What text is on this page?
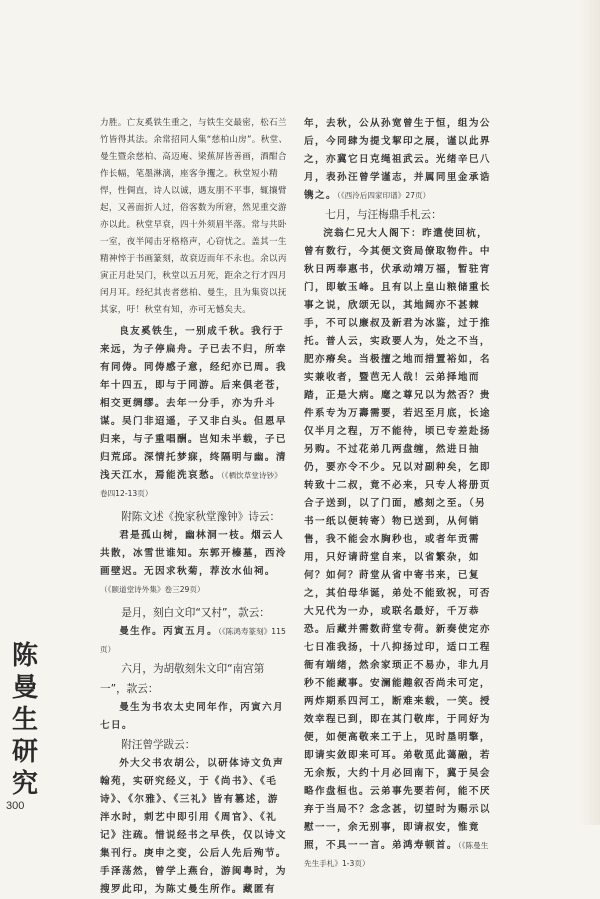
力胜。亡友奚铁生重之，与铁生交最密，松石兰竹皆得其法。余常招同人集“慈柏山房”。秋堂、曼生暨余慈柏、高迈庵、梁蕉屏皆善画，酒酣合作长幅，笔墨淋漓，座客争攫之。秋堂短小精悍，性倜直，诗人以诚，遇友朋不平事，辄攘臂起，又善面折人过，俗客数为所窘，然见重交游亦以此。秋堂早衰，四十外须眉半落。常与共卧一室，夜半闻击牙格格声，心窃忧之。盖其一生精神悴于书画篆刻，故衰迈而年不永也。余以丙寅正月赴吴门，秋堂以五月死，距余之行才四月闰月耳。经纪其丧者慈柏、曼生，且为集资以抚其家，吁！秋堂有知，亦可无憾矣夫。

良友奚铁生，一别成千秋。我行于来远，为子停扁舟。子已去不归，所幸有同俦。同俦感子意，经纪亦已周。我年十四五，即与于同游。后来俱老苍，相交更绸缪。去年一分手，亦为升斗谋。吴门非迢遥，子又非白头。但恩早归来，与子重唱酬。岂知未半载，子已归荒邱。深情托梦寐，终隔明与幽。清浅天江水，焉能洗哀愁。（《栖饮草堂诗钞》卷四12-13页）

附陈文述《挽家秋堂豫钟》诗云：

君是孤山树，幽林洞一枝。烟云人共散，冰雪世谁知。东郭开榛墓，西泠画壁迟。无因求秋菊，荐汝水仙祠。（《颐道堂诗外集》卷三29页）

是月，刻白文印“又村”，款云：

曼生作。丙寅五月。（《陈鸿寿篆刻》115页）

六月，为胡敬刻朱文印“南宫第一”，款云：

曼生为书农太史同年作，丙寅六月七日。

附汪曾学跋云：

外大父书农胡公，以研体诗文负声翰苑，实研究经义，于《尚书》、《毛诗》、《尔雅》、《三礼》皆有篡述，游泮水时，刺艺中即引用《周官》、《礼记》注疏。惜说经书之早佚，仅以诗文集刊行。庚申之变，公后人先后殉节。手泽荡然，曾学上燕台，游闽粤时，为搜罗此印，为陈丈曼生所作。藏匿有

年，去秋，公从孙宽曾生于恒，组为公后，今同肆为提戈挈印之展，谨以此界之，亦冀它日克绳祖武云。光绪辛巳八月，表孙汪曾学谨志，并属同里金承诰镌之。（《西泠后四家印谱》27页）

七月，与汪梅鼎手札云：

浣翁仁兄大人阁下：昨遣使回杭，曾有数行，今其便文资局僚取物件。中秋日两奉惠书，伏承动靖万福，暂驻宵门，即敏玉峰。且有以上皇山粮储重长事之说，欣颂无以，其地阔亦不甚棘手，不可以廉叔及新君为冰鉴，过于推托。普人云，实政要人为，处之不当，肥亦瘠矣。当极擅之地而措置裕如，名实兼收者，暨芭无人哉！云弟择地而踏，正是大病。麾之尊兄以为然否？贵件系专为万壽需要，若迟至月底，长途仅半月之程，万不能待，顷已专差赴扬另购。不过花弟几两盘缠，然进日抽仍，要亦令不少。兄以对副种矣，乞即转致十二叔，竟不必来，只专人将册页合子送到，以了门面，感刻之至。（另书一纸以便转寄）物已送到，从何销售，我不能会水胸秒也，或者年贡需用，只好请莳堂自来，以省繁杂，如何？如何？莳堂从省中寄书来，已复之，其伯母华诞，弟处不能致祝，可否大兄代为一办，或联名最好，千万恭恐。后藏并需数莳堂专荷。新奏使定亦七日准我扬，十八抑扬过印，适口工程衙有端绪，然余家顼正不易办，非九月秒不能藏事。安澜能趣叙否尚未可定，两炸期系四河工，断难来载，一笑。授效幸程已到，即在其门敬库，于同好为便，如便高敬来工于上，见时垦明擎，即请实敛即来可耳。弟敬觅此蔼融，若无余叛，大约十月必回南下，冀于吴会略作盘桓也。云弟事先要若何，能不厌弃于当局不？念念甚，切望时为赐示以慰一一，余无别事，即请叔安，惟竟照，不具一一言。弟鸿寿顿首。（《陈曼生先生手札》1-3页）

陈曼生研究
300
